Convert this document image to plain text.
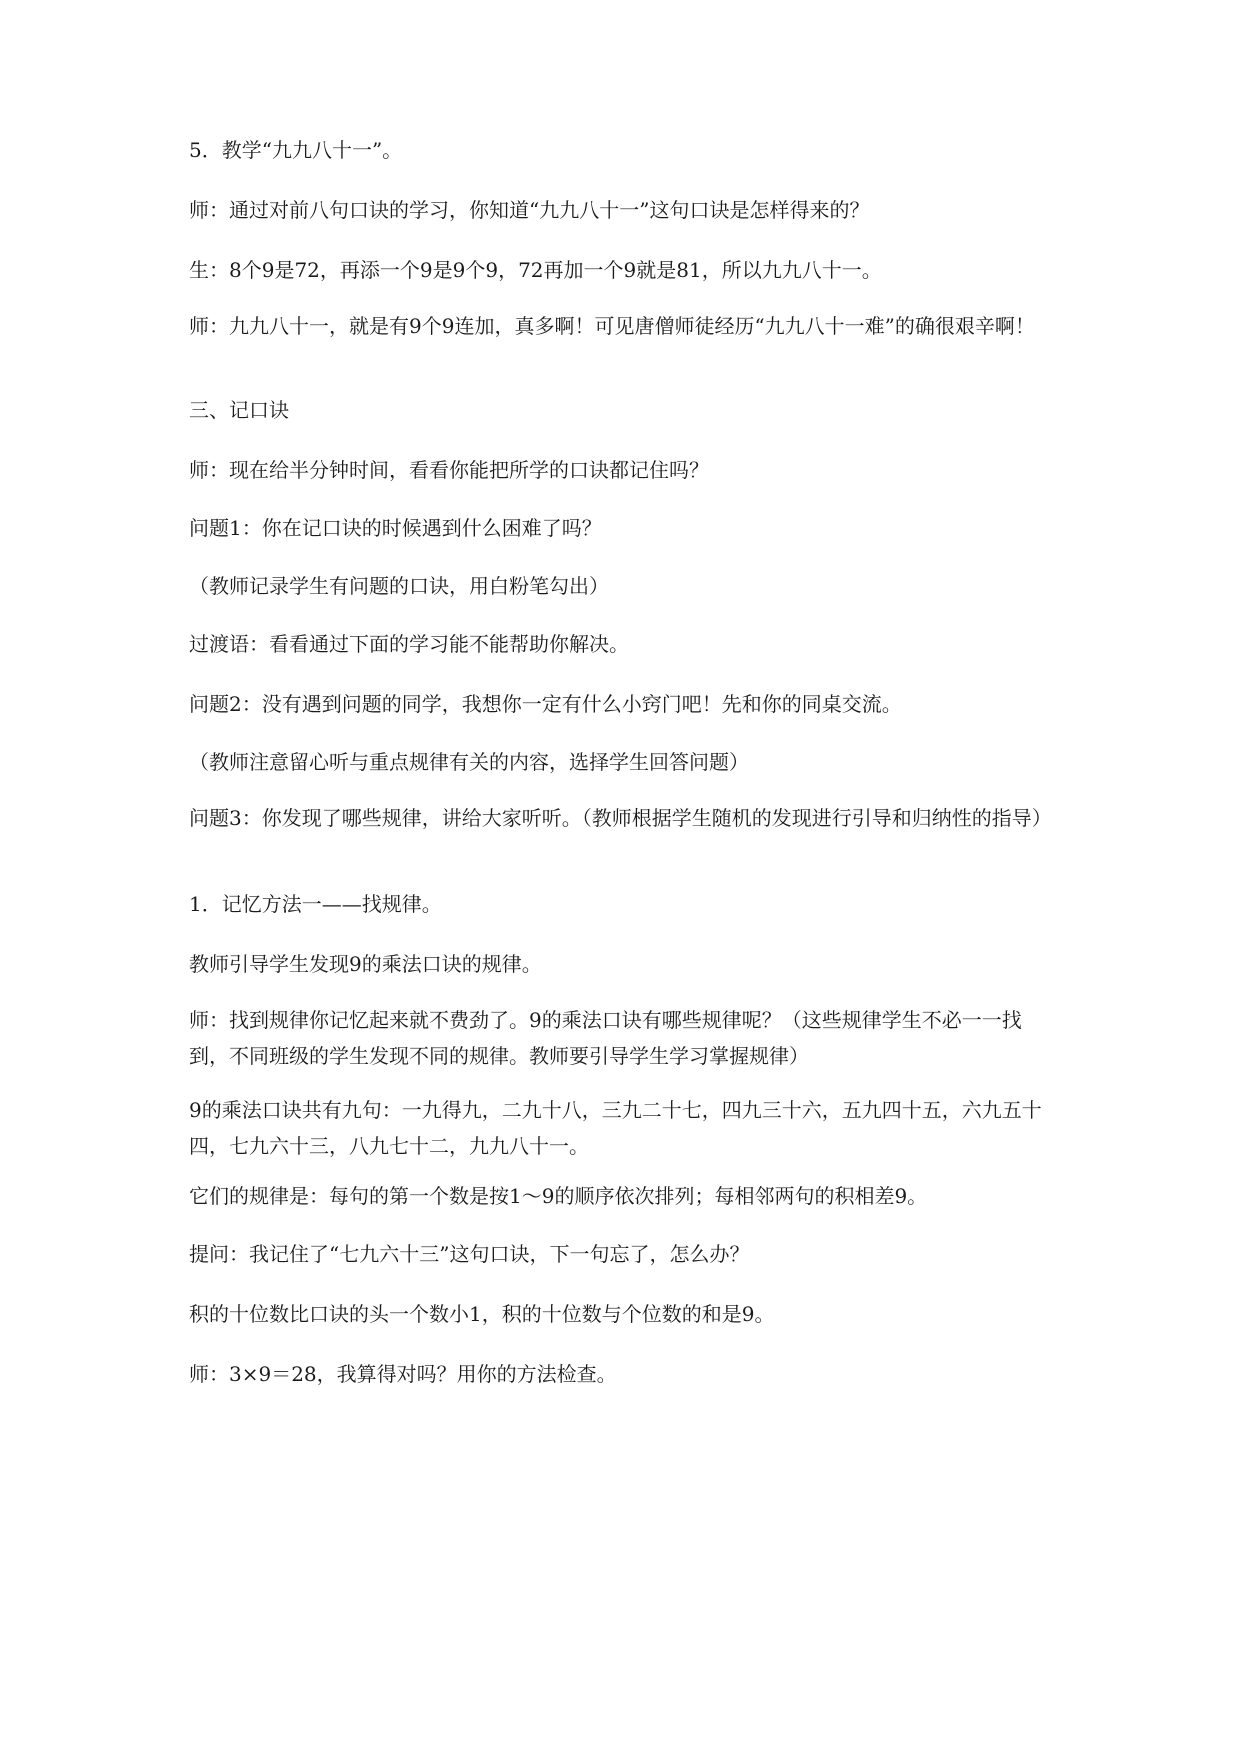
5．教学“九九八十一”。

师：通过对前八句口诀的学习，你知道“九九八十一”这句口诀是怎样得来的？

生：8个9是72，再添一个9是9个9，72再加一个9就是81，所以九九八十一。

师：九九八十一，就是有9个9连加，真多啊！可见唐僧师徒经历“九九八十一难”的确很艰辛啊！

三、记口诀

师：现在给半分钟时间，看看你能把所学的口诀都记住吗？

问题1：你在记口诀的时候遇到什么困难了吗？

（教师记录学生有问题的口诀，用白粉笔勾出）

过渡语：看看通过下面的学习能不能帮助你解决。

问题2：没有遇到问题的同学，我想你一定有什么小窍门吧！先和你的同桌交流。

（教师注意留心听与重点规律有关的内容，选择学生回答问题）

问题3：你发现了哪些规律，讲给大家听听。（教师根据学生随机的发现进行引导和归纳性的指导）

1．记忆方法一——找规律。

教师引导学生发现9的乘法口诀的规律。

师：找到规律你记忆起来就不费劲了。9的乘法口诀有哪些规律呢？（这些规律学生不必一一找到，不同班级的学生发现不同的规律。教师要引导学生学习掌握规律）

9的乘法口诀共有九句：一九得九，二九十八，三九二十七，四九三十六，五九四十五，六九五十四，七九六十三，八九七十二，九九八十一。

它们的规律是：每句的第一个数是按1～9的顺序依次排列；每相邻两句的积相差9。

提问：我记住了“七九六十三”这句口诀，下一句忘了，怎么办？

积的十位数比口诀的头一个数小1，积的十位数与个位数的和是9。

师：3×9＝28，我算得对吗？用你的方法检查。
